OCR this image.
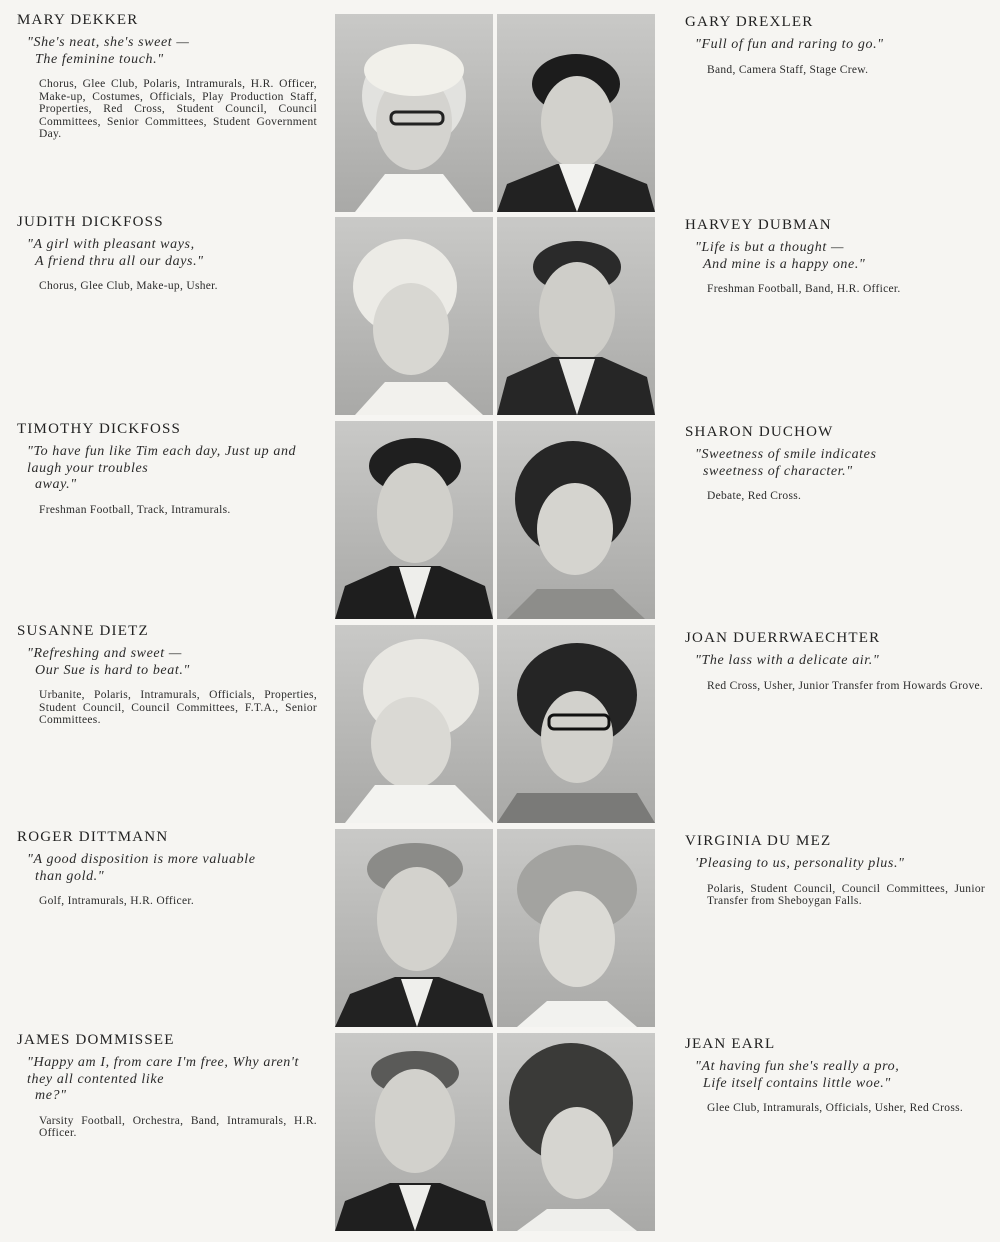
MARY DEKKER
"She's neat, she's sweet —
The feminine touch."
Chorus, Glee Club, Polaris, Intramurals, H.R. Officer, Make-up, Costumes, Officials, Play Production Staff, Properties, Red Cross, Student Council, Council Committees, Senior Committees, Student Government Day.
GARY DREXLER
"Full of fun and raring to go."
Band, Camera Staff, Stage Crew.
JUDITH DICKFOSS
"A girl with pleasant ways,
A friend thru all our days."
Chorus, Glee Club, Make-up, Usher.
HARVEY DUBMAN
"Life is but a thought —
And mine is a happy one."
Freshman Football, Band, H.R. Officer.
TIMOTHY DICKFOSS
"To have fun like Tim each day, Just up and laugh your troubles
away."
Freshman Football, Track, Intramurals.
SHARON DUCHOW
"Sweetness of smile indicates
sweetness of character."
Debate, Red Cross.
SUSANNE DIETZ
"Refreshing and sweet —
Our Sue is hard to beat."
Urbanite, Polaris, Intramurals, Officials, Properties, Student Council, Council Committees, F.T.A., Senior Committees.
JOAN DUERRWAECHTER
"The lass with a delicate air."
Red Cross, Usher, Junior Transfer from Howards Grove.
ROGER DITTMANN
"A good disposition is more valuable
than gold."
Golf, Intramurals, H.R. Officer.
VIRGINIA DU MEZ
'Pleasing to us, personality plus."
Polaris, Student Council, Council Committees, Junior Transfer from Sheboygan Falls.
JAMES DOMMISSEE
"Happy am I, from care I'm free, Why aren't they all contented like
me?"
Varsity Football, Orchestra, Band, Intramurals, H.R. Officer.
JEAN EARL
"At having fun she's really a pro,
Life itself contains little woe."
Glee Club, Intramurals, Officials, Usher, Red Cross.
